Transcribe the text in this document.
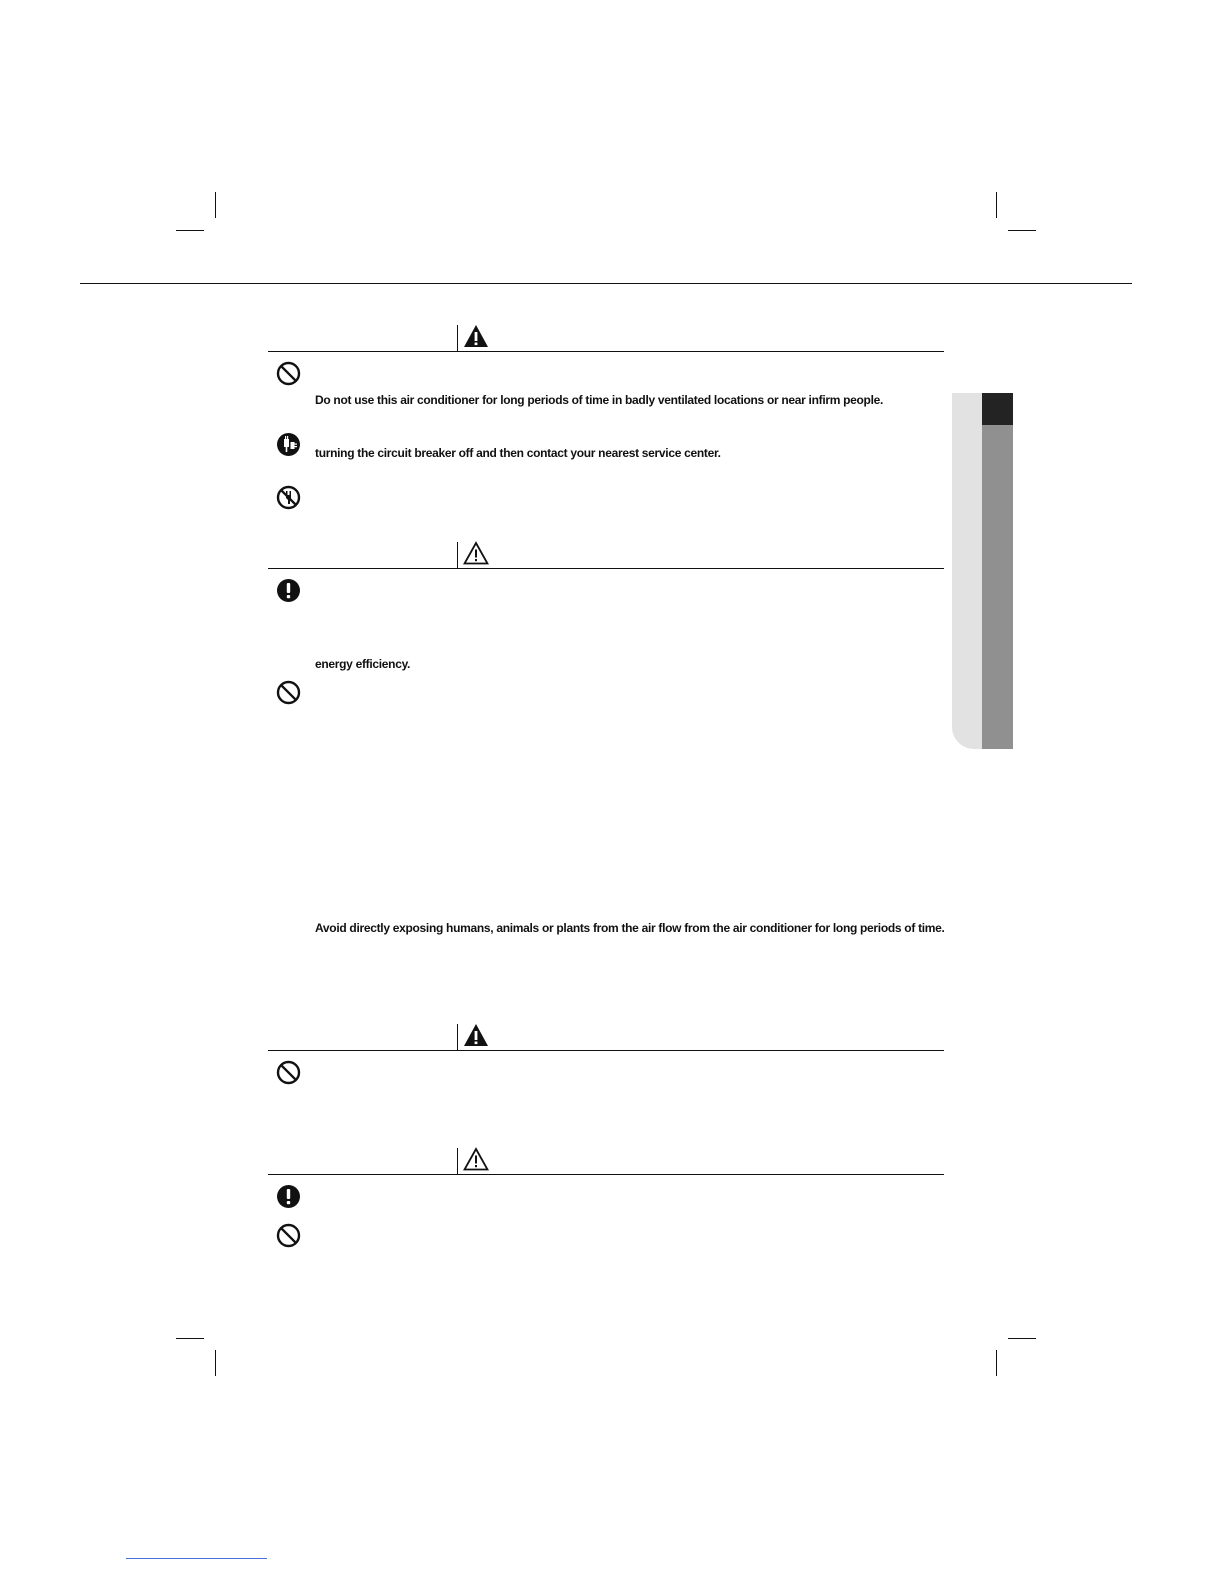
Do not use this air conditioner for long periods of time in badly ventilated locations or near infirm people.
turning the circuit breaker off and then contact your nearest service center.
energy efficiency.
Avoid directly exposing humans, animals or plants from the air flow from the air conditioner for long periods of time.
